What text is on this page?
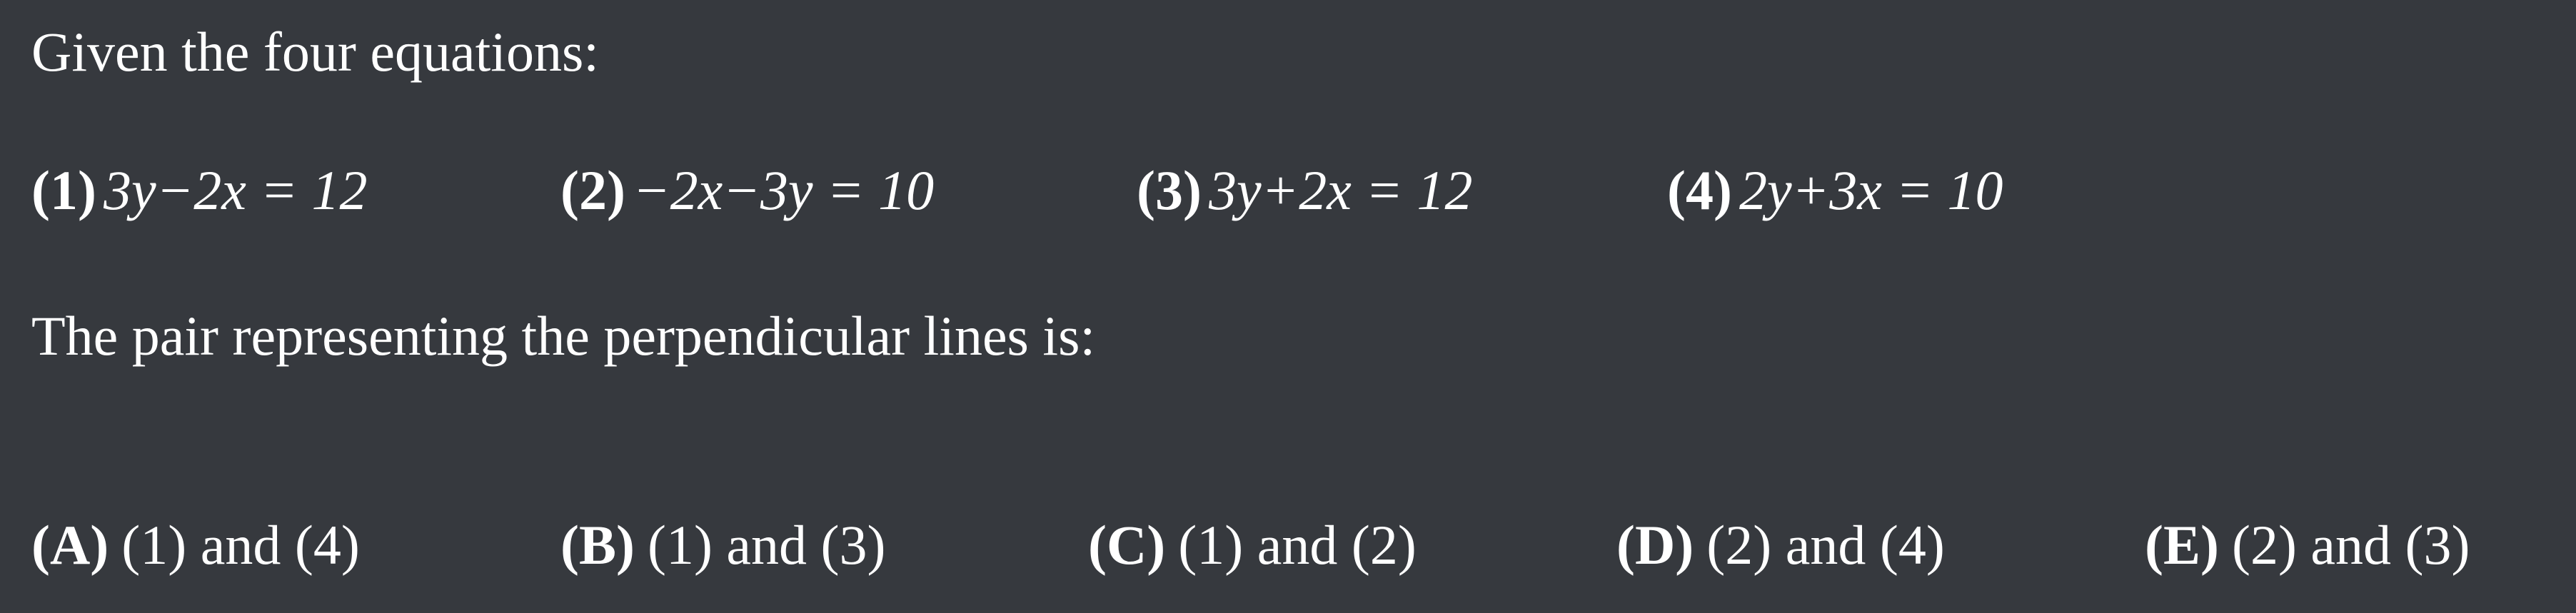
Given the four equations:
(1) 3y−2x = 12	(2) −2x−3y = 10	(3) 3y+2x = 12	(4) 2y+3x = 10
The pair representing the perpendicular lines is:
(A) (1) and (4)	(B) (1) and (3)	(C) (1) and (2)	(D) (2) and (4)	(E) (2) and (3)
